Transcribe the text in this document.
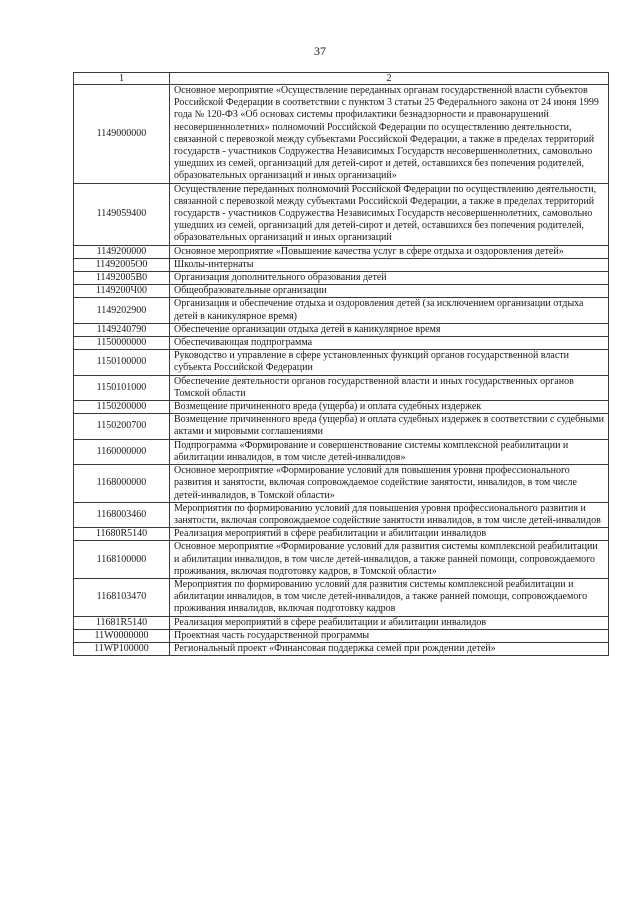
37
1	2
1149000000	Основное мероприятие «Осуществление переданных органам государственной власти субъектов Российской Федерации в соответствии с пунктом 3 статьи 25 Федерального закона от 24 июня 1999 года № 120-ФЗ «Об основах системы профилактики безнадзорности и правонарушений несовершеннолетних» полномочий Российской Федерации по осуществлению деятельности, связанной с перевозкой между субъектами Российской Федерации, а также в пределах территорий государств - участников Содружества Независимых Государств несовершеннолетних, самовольно ушедших из семей, организаций для детей-сирот и детей, оставшихся без попечения родителей, образовательных организаций и иных организаций»
1149059400	Осуществление переданных полномочий Российской Федерации по осуществлению деятельности, связанной с перевозкой между субъектами Российской Федерации, а также в пределах территорий государств - участников Содружества Независимых Государств несовершеннолетних, самовольно ушедших из семей, организаций для детей-сирот и детей, оставшихся без попечения родителей, образовательных организаций и иных организаций
1149200000	Основное мероприятие «Повышение качества услуг в сфере отдыха и оздоровления детей»
11492005О0	Школы-интернаты
11492005В0	Организация дополнительного образования детей
1149200Ч00	Общеобразовательные организации
1149202900	Организация и обеспечение отдыха и оздоровления детей (за исключением организации отдыха детей в каникулярное время)
1149240790	Обеспечение организации отдыха детей в каникулярное время
1150000000	Обеспечивающая подпрограмма
1150100000	Руководство и управление в сфере установленных функций органов государственной власти субъекта Российской Федерации
1150101000	Обеспечение деятельности органов государственной власти и иных государственных органов Томской области
1150200000	Возмещение причиненного вреда (ущерба) и оплата судебных издержек
1150200700	Возмещение причиненного вреда (ущерба) и оплата судебных издержек в соответствии с судебными актами и мировыми соглашениями
1160000000	Подпрограмма «Формирование и совершенствование системы комплексной реабилитации и абилитации инвалидов, в том числе детей-инвалидов»
1168000000	Основное мероприятие «Формирование условий для повышения уровня профессионального развития и занятости, включая сопровождаемое содействие занятости, инвалидов, в том числе детей-инвалидов, в Томской области»
1168003460	Мероприятия по формированию условий для повышения уровня профессионального развития и занятости, включая сопровождаемое содействие занятости инвалидов, в том числе детей-инвалидов
11680R5140	Реализация мероприятий в сфере реабилитации и абилитации инвалидов
1168100000	Основное мероприятие «Формирование условий для развития системы комплексной реабилитации и абилитации инвалидов, в том числе детей-инвалидов, а также ранней помощи, сопровождаемого проживания, включая подготовку кадров, в Томской области»
1168103470	Мероприятия по формированию условий для развития системы комплексной реабилитации и абилитации инвалидов, в том числе детей-инвалидов, а также ранней помощи, сопровождаемого проживания инвалидов, включая подготовку кадров
11681R5140	Реализация мероприятий в сфере реабилитации и абилитации инвалидов
11W0000000	Проектная часть государственной программы
11WP100000	Региональный проект «Финансовая поддержка семей при рождении детей»
